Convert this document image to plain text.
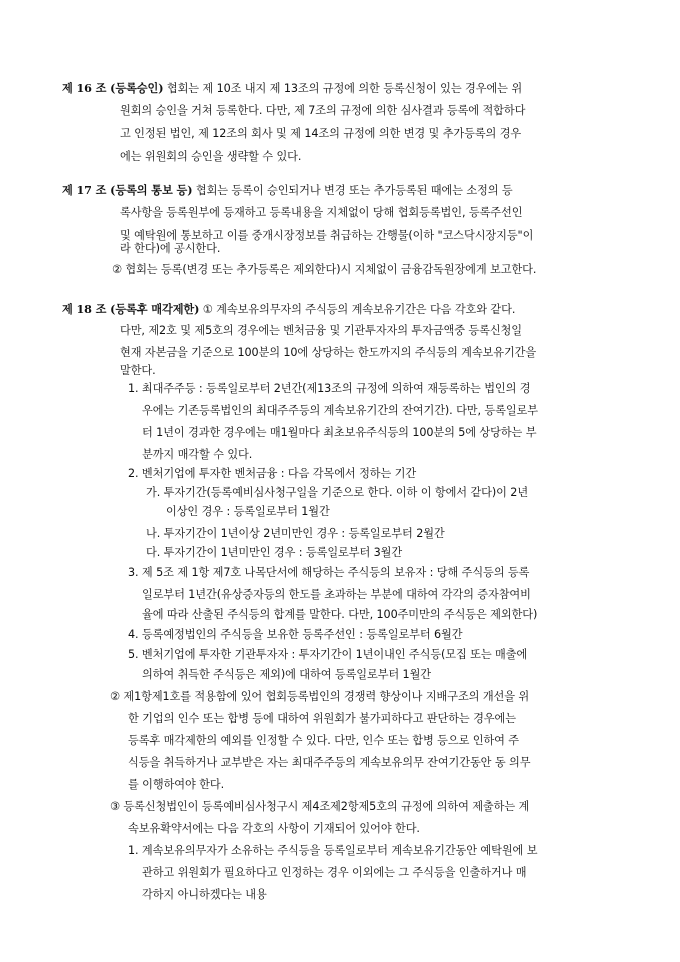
제 16 조 (등록승인) 협회는 제 10조 내지 제 13조의 규정에 의한 등록신청이 있는 경우에는 위
원회의 승인을 거쳐 등록한다. 다만, 제 7조의 규정에 의한 심사결과 등록에 적합하다
고 인정된 법인, 제 12조의 회사 및 제 14조의 규정에 의한 변경 및 추가등록의 경우
에는 위원회의 승인을 생략할 수 있다.
제 17 조 (등록의 통보 등) 협회는 등록이 승인되거나 변경 또는 추가등록된 때에는 소정의 등
록사항을 등록원부에 등재하고 등록내용을 지체없이 당해 협회등록법인, 등록주선인
및 예탁원에 통보하고 이를 중개시장정보를 취급하는 간행물(이하 "코스닥시장지등"이
라 한다)에 공시한다.
② 협회는 등록(변경 또는 추가등록은 제외한다)시 지체없이 금융감독원장에게 보고한다.
제 18 조 (등록후 매각제한) ① 계속보유의무자의 주식등의 계속보유기간은 다음 각호와 같다.
다만, 제2호 및 제5호의 경우에는 벤처금융 및 기관투자자의 투자금액중 등록신청일
현재 자본금을 기준으로 100분의 10에 상당하는 한도까지의 주식등의 계속보유기간을
말한다.
1. 최대주주등 : 등록일로부터 2년간(제13조의 규정에 의하여 재등록하는 법인의 경
우에는 기존등록법인의 최대주주등의 계속보유기간의 잔여기간). 다만, 등록일로부
터 1년이 경과한 경우에는 매1월마다 최초보유주식등의 100분의 5에 상당하는 부
분까지 매각할 수 있다.
2. 벤처기업에 투자한 벤처금융 : 다음 각목에서 정하는 기간
가. 투자기간(등록예비심사청구일을 기준으로 한다. 이하 이 항에서 같다)이 2년
이상인 경우 : 등록일로부터 1월간
나. 투자기간이 1년이상 2년미만인 경우 : 등록일로부터 2월간
다. 투자기간이 1년미만인 경우 : 등록일로부터 3월간
3. 제 5조 제 1항 제7호 나목단서에 해당하는 주식등의 보유자 : 당해 주식등의 등록
일로부터 1년간(유상증자등의 한도를 초과하는 부분에 대하여 각각의 증자참여비
율에 따라 산출된 주식등의 합계를 말한다. 다만, 100주미만의 주식등은 제외한다)
4. 등록예정법인의 주식등을 보유한 등록주선인 : 등록일로부터 6월간
5. 벤처기업에 투자한 기관투자자 : 투자기간이 1년이내인 주식등(모집 또는 매출에
의하여 취득한 주식등은 제외)에 대하여 등록일로부터 1월간
② 제1항제1호를 적용함에 있어 협회등록법인의 경쟁력 향상이나 지배구조의 개선을 위
한 기업의 인수 또는 합병 등에 대하여 위원회가 불가피하다고 판단하는 경우에는
등록후 매각제한의 예외를 인정할 수 있다. 다만, 인수 또는 합병 등으로 인하여 주
식등을 취득하거나 교부받은 자는 최대주주등의 계속보유의무 잔여기간동안 동 의무
를 이행하여야 한다.
③ 등록신청법인이 등록예비심사청구시 제4조제2항제5호의 규정에 의하여 제출하는 계
속보유확약서에는 다음 각호의 사항이 기재되어 있어야 한다.
1. 계속보유의무자가 소유하는 주식등을 등록일로부터 계속보유기간동안 예탁원에 보
관하고 위원회가 필요하다고 인정하는 경우 이외에는 그 주식등을 인출하거나 매
각하지 아니하겠다는 내용
